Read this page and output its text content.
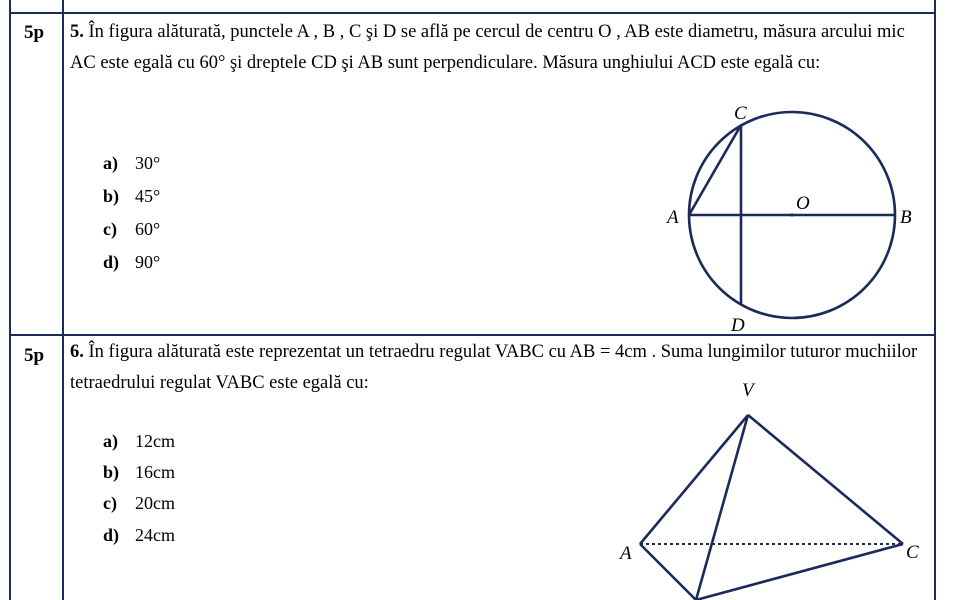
5p 5. În figura alăturată, punctele A , B , C şi D se află pe cercul de centru O , AB este diametru, măsura arcului mic AC este egală cu 60° şi dreptele CD şi AB sunt perpendiculare. Măsura unghiului ACD este egală cu:
a) 30°
b) 45°
c) 60°
d) 90°
C
A
O
B
D
5p 6. În figura alăturată este reprezentat un tetraedru regulat VABC cu AB = 4cm . Suma lungimilor tuturor muchiilor tetraedrului regulat VABC este egală cu:
a) 12cm
b) 16cm
c) 20cm
d) 24cm
V
A	C
